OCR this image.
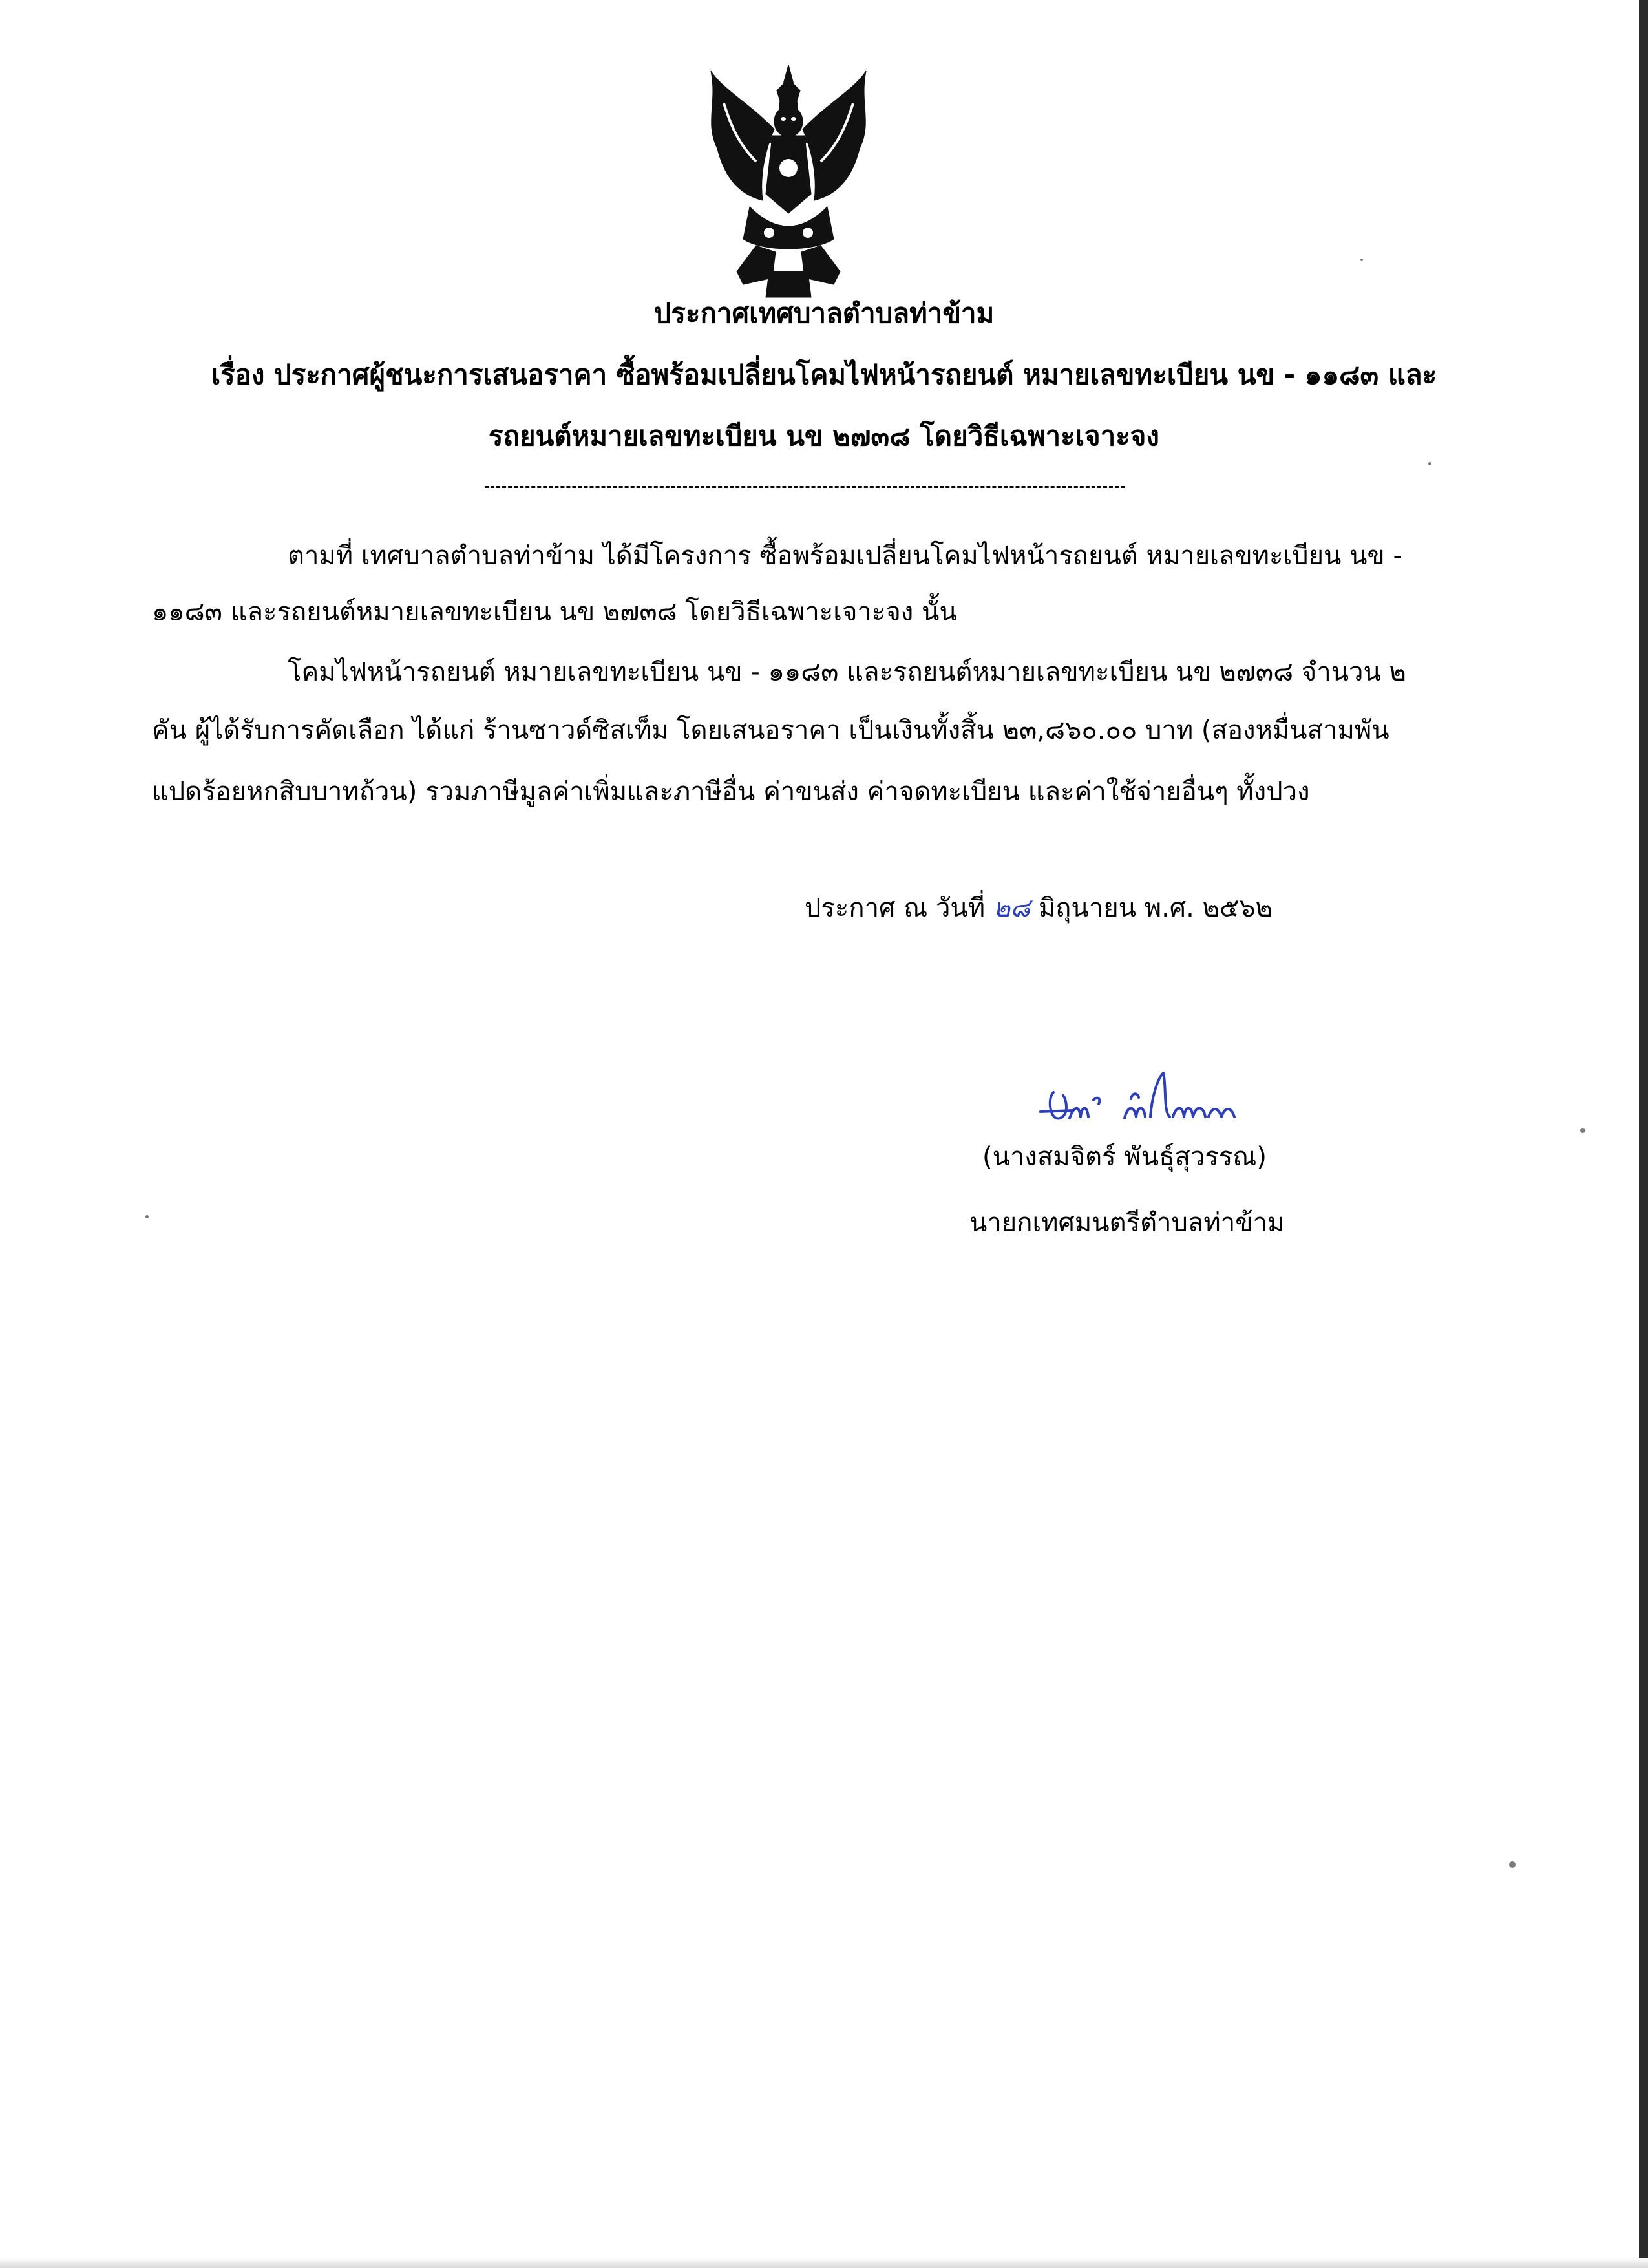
ประกาศเทศบาลตำบลท่าข้าม
เรื่อง ประกาศผู้ชนะการเสนอราคา ซื้อพร้อมเปลี่ยนโคมไฟหน้ารถยนต์ หมายเลขทะเบียน นข - ๑๑๘๓ และ
รถยนต์หมายเลขทะเบียน นข ๒๗๓๘ โดยวิธีเฉพาะเจาะจง
ตามที่ เทศบาลตำบลท่าข้าม ได้มีโครงการ ซื้อพร้อมเปลี่ยนโคมไฟหน้ารถยนต์ หมายเลขทะเบียน นข -
๑๑๘๓ และรถยนต์หมายเลขทะเบียน นข ๒๗๓๘ โดยวิธีเฉพาะเจาะจง นั้น
โคมไฟหน้ารถยนต์ หมายเลขทะเบียน นข - ๑๑๘๓ และรถยนต์หมายเลขทะเบียน นข ๒๗๓๘ จำนวน ๒
คัน ผู้ได้รับการคัดเลือก ได้แก่ ร้านซาวด์ซิสเท็ม โดยเสนอราคา เป็นเงินทั้งสิ้น ๒๓,๘๖๐.๐๐ บาท (สองหมื่นสามพัน
แปดร้อยหกสิบบาทถ้วน) รวมภาษีมูลค่าเพิ่มและภาษีอื่น ค่าขนส่ง ค่าจดทะเบียน และค่าใช้จ่ายอื่นๆ ทั้งปวง
ประกาศ ณ วันที่ ๒๘ มิถุนายน พ.ศ. ๒๕๖๒
(นางสมจิตร์ พันธุ์สุวรรณ)
นายกเทศมนตรีตำบลท่าข้าม
